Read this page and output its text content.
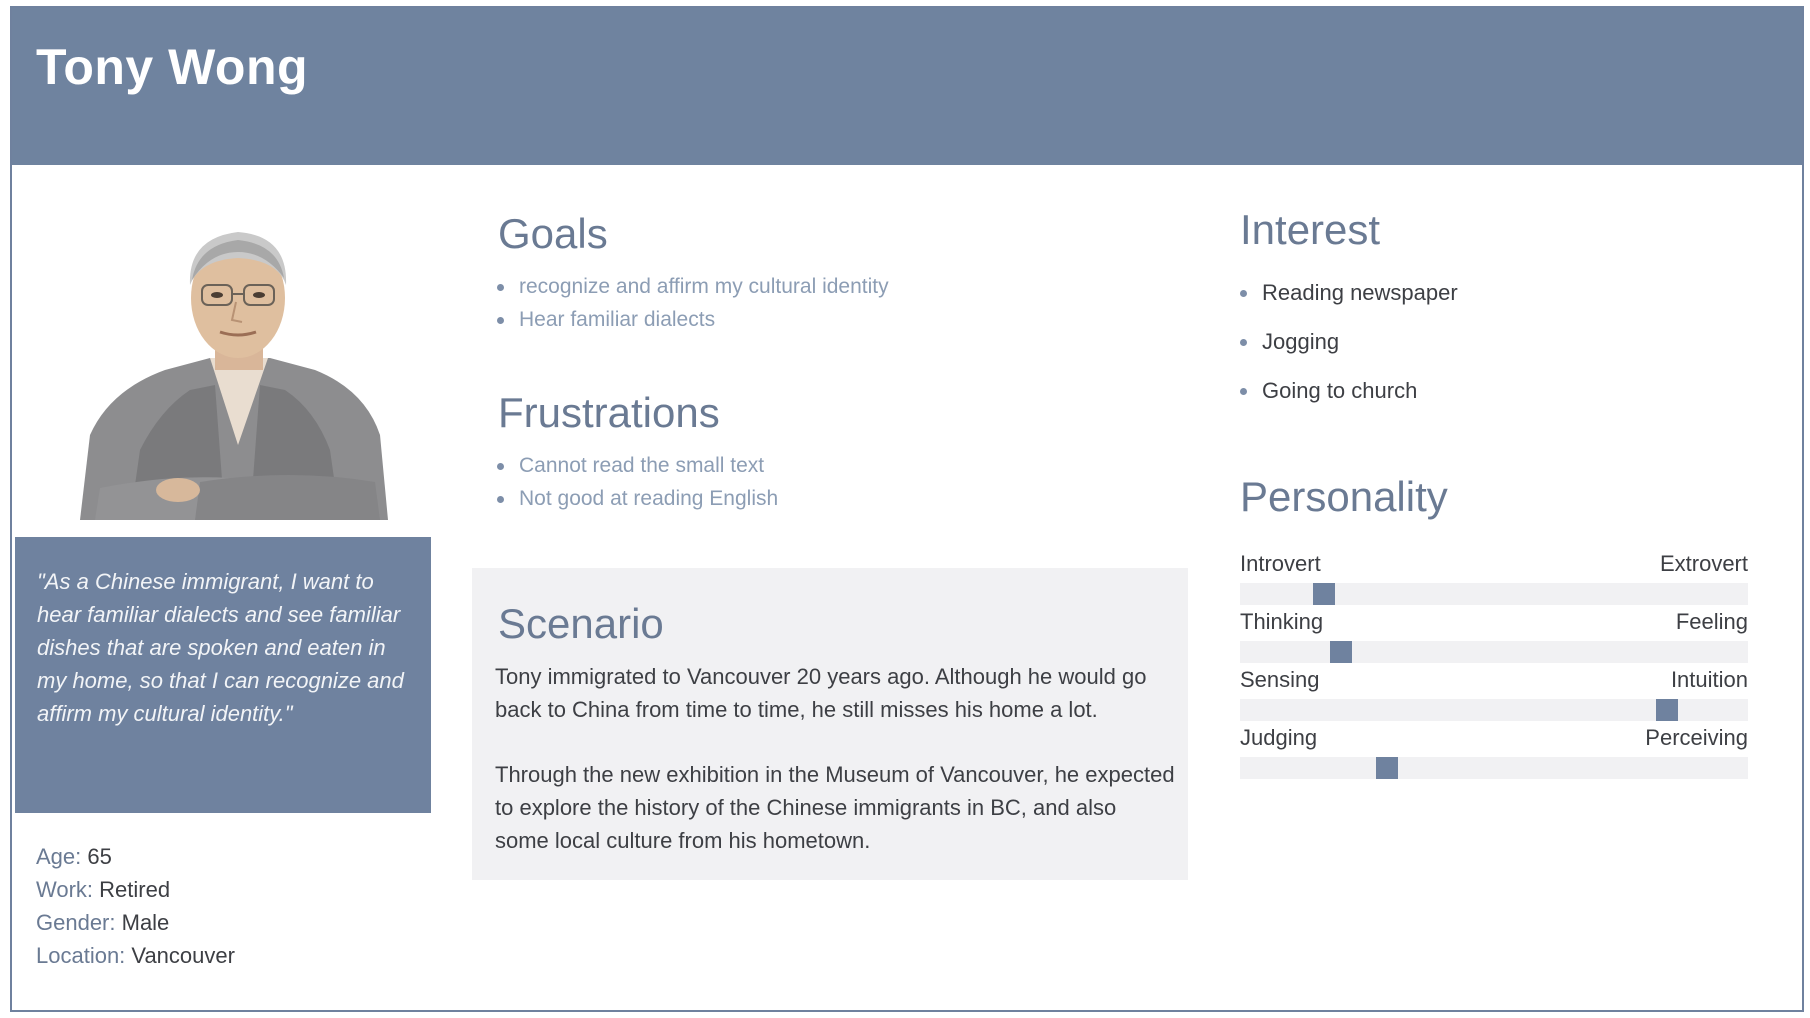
Tony Wong

"As a Chinese immigrant, I want to hear familiar dialects and see familiar dishes that are spoken and eaten in my home, so that I can recognize and affirm my cultural identity."

Age: 65
Work: Retired
Gender: Male
Location: Vancouver
Goals
recognize and affirm my cultural identity
Hear familiar dialects
Frustrations
Cannot read the small text
Not good at reading English
Scenario
Tony immigrated to Vancouver 20 years ago. Although he would go back to China from time to time, he still misses his home a lot.
Through the new exhibition in the Museum of Vancouver, he expected to explore the history of the Chinese immigrants in BC, and also some local culture from his hometown.
Interest
Reading newspaper
Jogging
Going to church
Personality
Introvert	Extrovert
Thinking	Feeling
Sensing	Intuition
Judging	Perceiving
